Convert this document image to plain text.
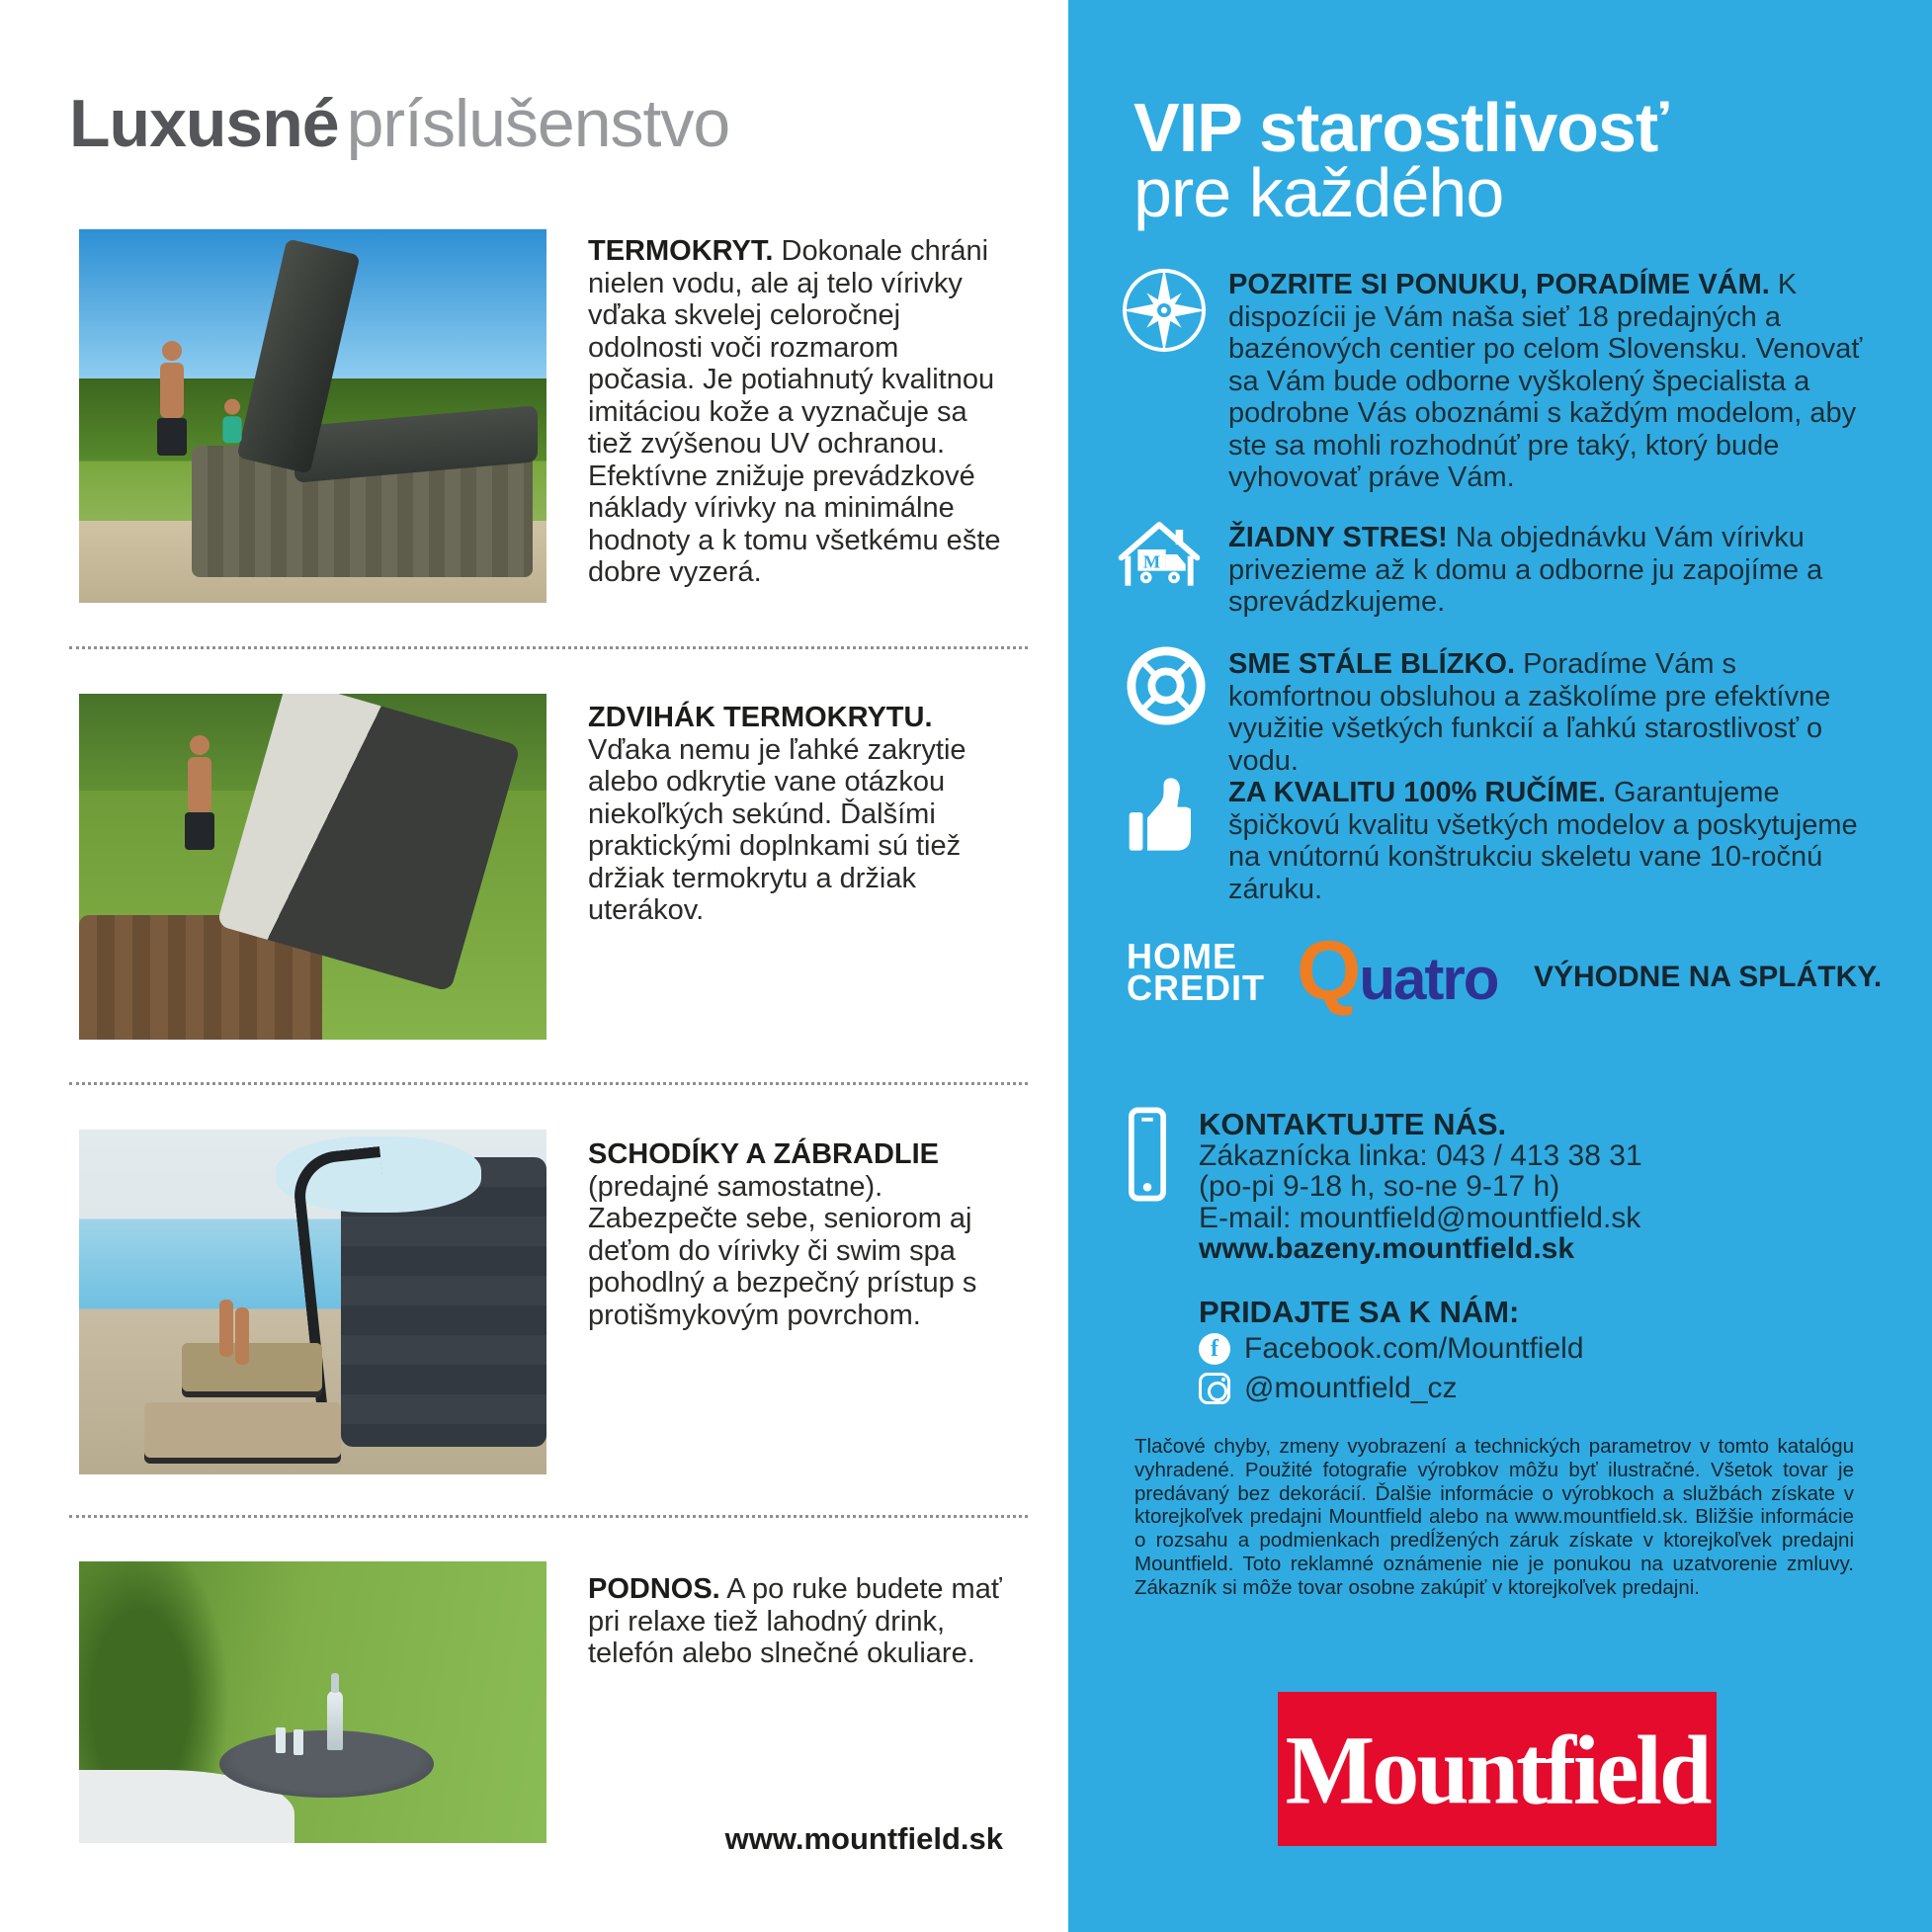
Luxusné príslušenstvo

TERMOKRYT. Dokonale chráni nielen vodu, ale aj telo vírivky vďaka skvelej celoročnej odolnosti voči rozmarom počasia. Je potiahnutý kvalitnou imitáciou kože a vyznačuje sa tiež zvýšenou UV ochranou. Efektívne znižuje prevádzkové náklady vírivky na minimálne hodnoty a k tomu všetkému ešte dobre vyzerá.

ZDVIHÁK TERMOKRYTU. Vďaka nemu je ľahké zakrytie alebo odkrytie vane otázkou niekoľkých sekúnd. Ďalšími praktickými doplnkami sú tiež držiak termokrytu a držiak uterákov.

SCHODÍKY A ZÁBRADLIE (predajné samostatne). Zabezpečte sebe, seniorom aj deťom do vírivky či swim spa pohodlný a bezpečný prístup s protišmykovým povrchom.

PODNOS. A po ruke budete mať pri relaxe tiež lahodný drink, telefón alebo slnečné okuliare.

www.mountfield.sk
VIP starostlivosť
pre každého

POZRITE SI PONUKU, PORADÍME VÁM. K dispozícii je Vám naša sieť 18 predajných a bazénových centier po celom Slovensku. Venovať sa Vám bude odborne vyškolený špecialista a podrobne Vás oboznámi s každým modelom, aby ste sa mohli rozhodnúť pre taký, ktorý bude vyhovovať práve Vám.

M

ŽIADNY STRES! Na objednávku Vám vírivku privezieme až k domu a odborne ju zapojíme a sprevádzkujeme.

SME STÁLE BLÍZKO. Poradíme Vám s komfortnou obsluhou a zaškolíme pre efektívne využitie všetkých funkcií a ľahkú starostlivosť o vodu.

ZA KVALITU 100% RUČÍME. Garantujeme špičkovú kvalitu všetkých modelov a poskytujeme na vnútornú konštrukciu skeletu vane 10-ročnú záruku.

HOME
CREDIT Quatro VÝHODNE NA SPLÁTKY.
KONTAKTUJTE NÁS.
Zákaznícka linka: 043 / 413 38 31
(po-pi 9-18 h, so-ne 9-17 h)
E-mail: mountfield@mountfield.sk
www.bazeny.mountfield.sk
PRIDAJTE SA K NÁM:
f Facebook.com/Mountfield
@mountfield_cz

Tlačové chyby, zmeny vyobrazení a technických parametrov v tomto katalógu vyhradené. Použité fotografie výrobkov môžu byť ilustračné. Všetok tovar je predávaný bez dekorácií. Ďalšie informácie o výrobkoch a službách získate v ktorejkoľvek predajni Mountfield alebo na www.mountfield.sk. Bližšie informácie o rozsahu a podmienkach predĺžených záruk získate v ktorejkoľvek predajni Mountfield. Toto reklamné oznámenie nie je ponukou na uzatvorenie zmluvy. Zákazník si môže tovar osobne zakúpiť v ktorejkoľvek predajni.

Mountfield
